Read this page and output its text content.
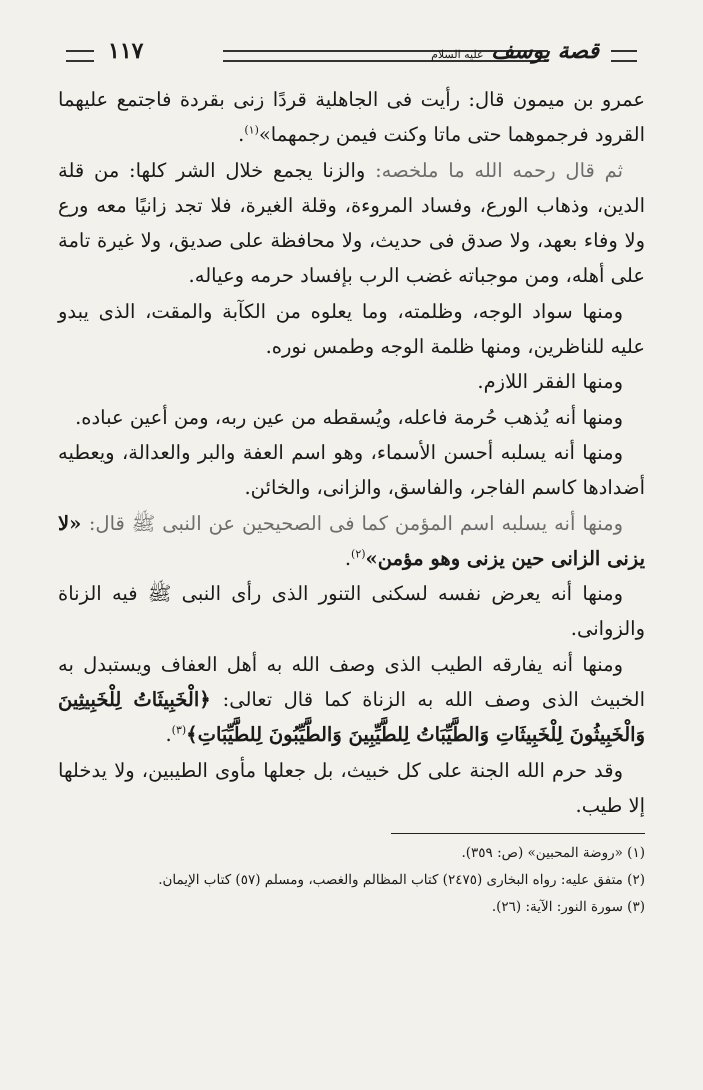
١١٧	قصة يوسف عليه السلام

عمرو بن ميمون قال: رأيت فى الجاهلية قردًا زنى بقردة فاجتمع عليهما القرود فرجموهما حتى ماتا وكنت فيمن رجمهما»$^{(١)}$.

ثم قال رحمه الله ما ملخصه: والزنا يجمع خلال الشر كلها: من قلة الدين، وذهاب الورع، وفساد المروءة، وقلة الغيرة، فلا تجد زانيًا معه ورع ولا وفاء بعهد، ولا صدق فى حديث، ولا محافظة على صديق، ولا غيرة تامة على أهله، ومن موجباته غضب الرب بإفساد حرمه وعياله.

ومنها سواد الوجه، وظلمته، وما يعلوه من الكآبة والمقت، الذى يبدو عليه للناظرين، ومنها ظلمة الوجه وطمس نوره.

ومنها الفقر اللازم.

ومنها أنه يُذهب حُرمة فاعله، ويُسقطه من عين ربه، ومن أعين عباده.

ومنها أنه يسلبه أحسن الأسماء، وهو اسم العفة والبر والعدالة، ويعطيه أضدادها كاسم الفاجر، والفاسق، والزانى، والخائن.

ومنها أنه يسلبه اسم المؤمن كما فى الصحيحين عن النبى ﷺ قال: «لا يزنى الزانى حين يزنى وهو مؤمن»$^{(٢)}$.

ومنها أنه يعرض نفسه لسكنى التنور الذى رأى النبى ﷺ فيه الزناة والزوانى.

ومنها أنه يفارقه الطيب الذى وصف الله به أهل العفاف ويستبدل به الخبيث الذى وصف الله به الزناة كما قال تعالى: ﴿الْخَبِيثَاتُ لِلْخَبِيثِينَ وَالْخَبِيثُونَ لِلْخَبِيثَاتِ وَالطَّيِّبَاتُ لِلطَّيِّبِينَ وَالطَّيِّبُونَ لِلطَّيِّبَاتِ﴾$^{(٣)}$.

وقد حرم الله الجنة على كل خبيث، بل جعلها مأوى الطيبين، ولا يدخلها إلا طيب.

(١) «روضة المحبين» (ص: ٣٥٩).
(٢) متفق عليه: رواه البخارى (٢٤٧٥) كتاب المظالم والغصب، ومسلم (٥٧) كتاب الإيمان.
(٣) سورة النور: الآية: (٢٦).
